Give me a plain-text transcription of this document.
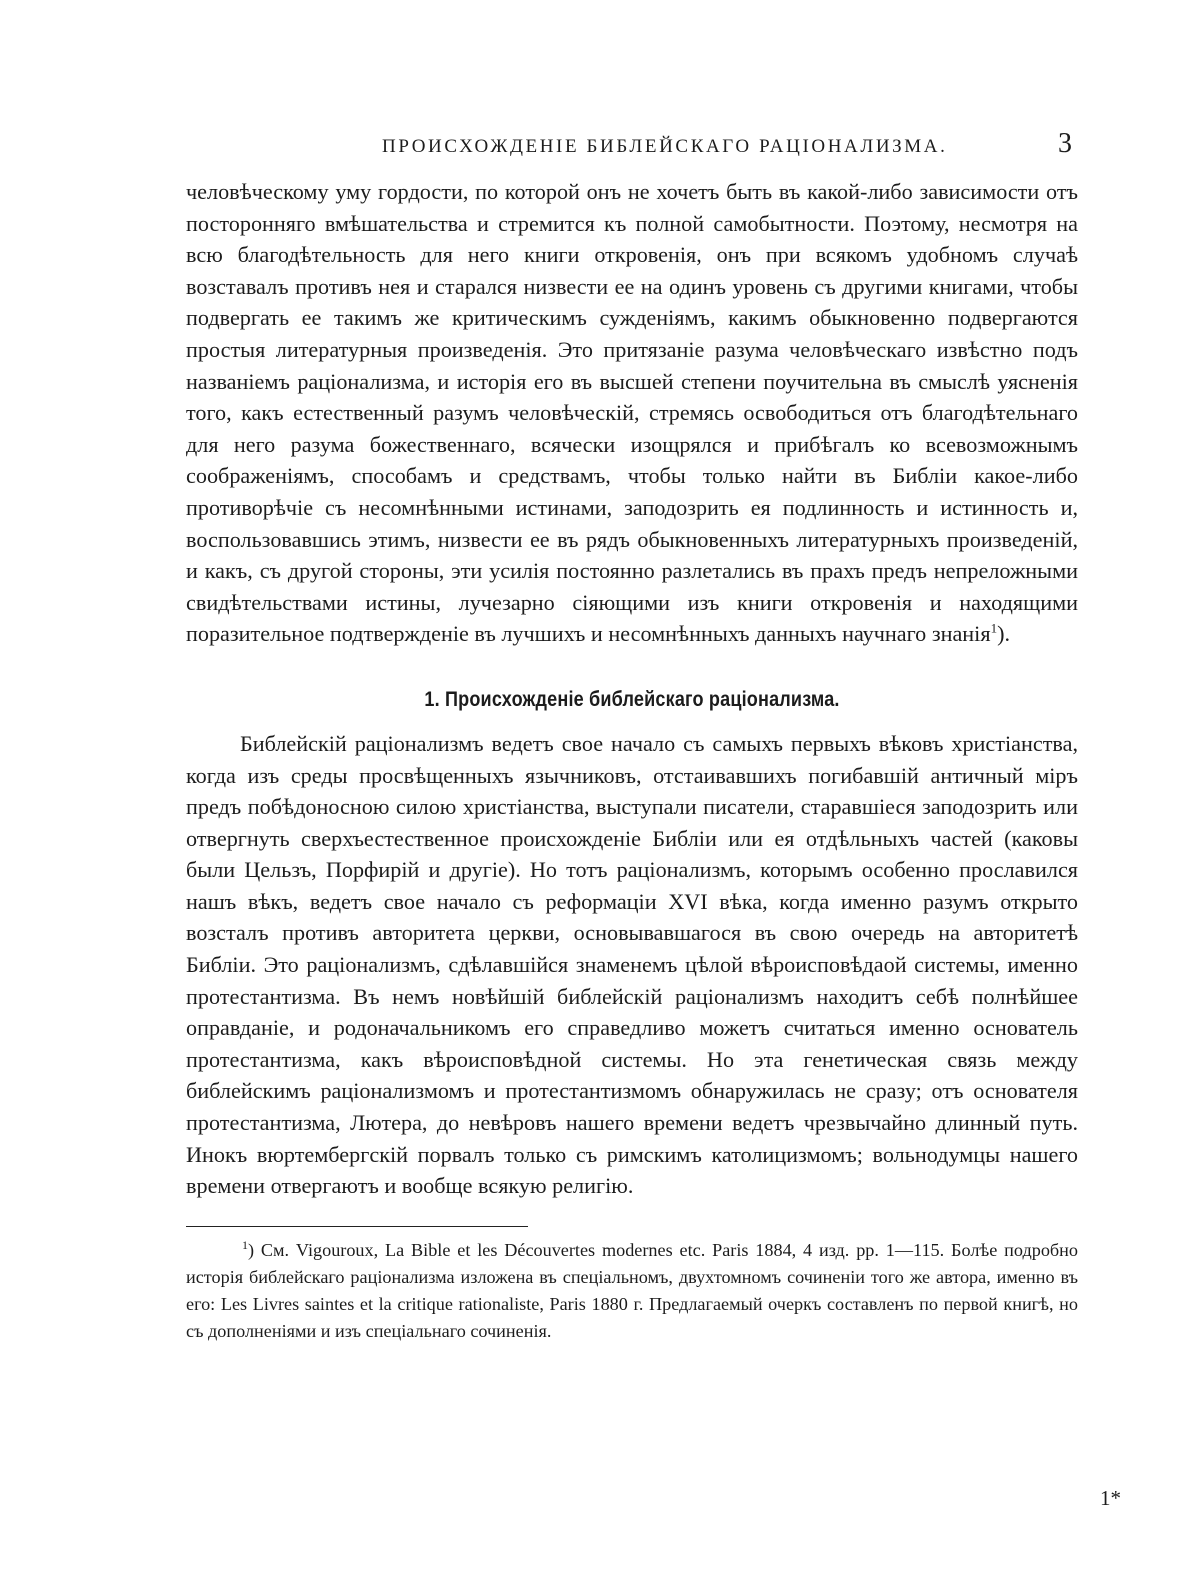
ПРОИСХОЖДЕНІЕ БИБЛЕЙСКАГО РАЦІОНАЛИЗМА.	3

человѣческому уму гордости, по которой онъ не хочетъ быть въ какой-либо зависимости отъ посторонняго вмѣшательства и стремится къ полной самобытности. Поэтому, несмотря на всю благодѣтельность для него книги откровенія, онъ при всякомъ удобномъ случаѣ возставалъ противъ нея и старался низвести ее на одинъ уровень съ другими книгами, чтобы подвергать ее такимъ же критическимъ сужденіямъ, какимъ обыкновенно подвергаются простыя литературныя произведенія. Это притязаніе разума человѣческаго извѣстно подъ названіемъ раціонализма, и исторія его въ высшей степени поучительна въ смыслѣ уясненія того, какъ естественный разумъ человѣческій, стремясь освободиться отъ благодѣтельнаго для него разума божественнаго, всячески изощрялся и прибѣгалъ ко всевозможнымъ соображеніямъ, способамъ и средствамъ, чтобы только найти въ Библіи какое-либо противорѣчіе съ несомнѣнными истинами, заподозрить ея подлинность и истинность и, воспользовавшись этимъ, низвести ее въ рядъ обыкновенныхъ литературныхъ произведеній, и какъ, съ другой стороны, эти усилія постоянно разлетались въ прахъ предъ непреложными свидѣтельствами истины, лучезарно сіяющими изъ книги откровенія и находящими поразительное подтвержденіе въ лучшихъ и несомнѣнныхъ данныхъ научнаго знанія$^1$).

1. Происхожденіе библейскаго раціонализма.

Библейскій раціонализмъ ведетъ свое начало съ самыхъ первыхъ вѣковъ христіанства, когда изъ среды просвѣщенныхъ язычниковъ, отстаивавшихъ погибавшій античный міръ предъ побѣдоносною силою христіанства, выступали писатели, старавшіеся заподозрить или отвергнуть сверхъестественное происхожденіе Библіи или ея отдѣльныхъ частей (каковы были Цельзъ, Порфирій и другіе). Но тотъ раціонализмъ, которымъ особенно прославился нашъ вѣкъ, ведетъ свое начало съ реформаціи XVI вѣка, когда именно разумъ открыто возсталъ противъ авторитета церкви, основывавшагося въ свою очередь на авторитетѣ Библіи. Это раціонализмъ, сдѣлавшійся знаменемъ цѣлой вѣроисповѣдаой системы, именно протестантизма. Въ немъ новѣйшій библейскій раціонализмъ находитъ себѣ полнѣйшее оправданіе, и родоначальникомъ его справедливо можетъ считаться именно основатель протестантизма, какъ вѣроисповѣдной системы. Но эта генетическая связь между библейскимъ раціонализмомъ и протестантизмомъ обнаружилась не сразу; отъ основателя протестантизма, Лютера, до невѣровъ нашего времени ведетъ чрезвычайно длинный путь. Инокъ вюртембергскій порвалъ только съ римскимъ католицизмомъ; вольнодумцы нашего времени отвергаютъ и вообще всякую религію.

$^1$) См. Vigouroux, La Bible et les Découvertes modernes etc. Paris 1884, 4 изд. pp. 1—115. Болѣе подробно исторія библейскаго раціонализма изложена въ спеціальномъ, двухтомномъ сочиненіи того же автора, именно въ его: Les Livres saintes et la critique rationaliste, Paris 1880 г. Предлагаемый очеркъ составленъ по первой книгѣ, но съ дополненіями и изъ спеціальнаго сочиненія.

1*
